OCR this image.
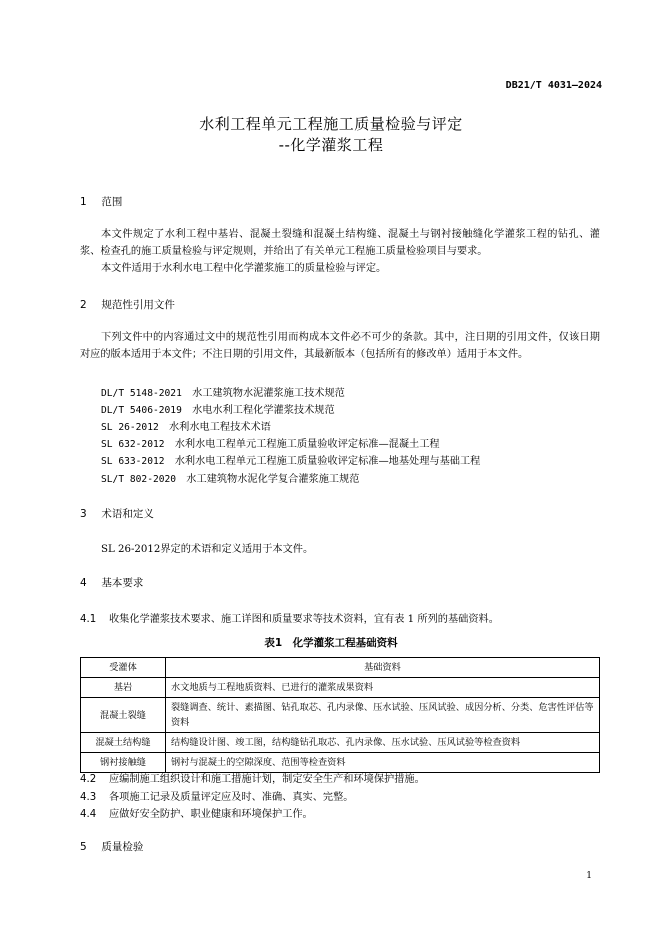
DB21/T 4031—2024
水利工程单元工程施工质量检验与评定
--化学灌浆工程
1 范围

本文件规定了水利工程中基岩、混凝土裂缝和混凝土结构缝、混凝土与钢衬接触缝化学灌浆工程的钻孔、灌浆、检查孔的施工质量检验与评定规则，并给出了有关单元工程施工质量检验项目与要求。

本文件适用于水利水电工程中化学灌浆施工的质量检验与评定。

2 规范性引用文件

下列文件中的内容通过文中的规范性引用而构成本文件必不可少的条款。其中，注日期的引用文件，仅该日期对应的版本适用于本文件；不注日期的引用文件，其最新版本（包括所有的修改单）适用于本文件。

DL/T 5148-2021　 水工建筑物水泥灌浆施工技术规范
DL/T 5406-2019　 水电水利工程化学灌浆技术规范
SL 26-2012　 水利水电工程技术术语
SL 632-2012　 水利水电工程单元工程施工质量验收评定标准—混凝土工程
SL 633-2012　 水利水电工程单元工程施工质量验收评定标准—地基处理与基础工程
SL/T 802-2020　 水工建筑物水泥化学复合灌浆施工规范
3 术语和定义
SL 26-2012界定的术语和定义适用于本文件。
4 基本要求
4.1 收集化学灌浆技术要求、施工详图和质量要求等技术资料，宜有表 1 所列的基础资料。
表1　化学灌浆工程基础资料
受灌体	基础资料
基岩	水文地质与工程地质资料、已进行的灌浆成果资料
混凝土裂缝	裂缝调查、统计、素描图、钻孔取芯、孔内录像、压水试验、压风试验、成因分析、分类、危害性评估等资料
混凝土结构缝	结构缝设计图、竣工图，结构缝钻孔取芯、孔内录像、压水试验、压风试验等检查资料
钢衬接触缝	钢衬与混凝土的空隙深度、范围等检查资料
4.2 应编制施工组织设计和施工措施计划，制定安全生产和环境保护措施。
4.3 各项施工记录及质量评定应及时、准确、真实、完整。
4.4 应做好安全防护、职业健康和环境保护工作。
5 质量检验
1
